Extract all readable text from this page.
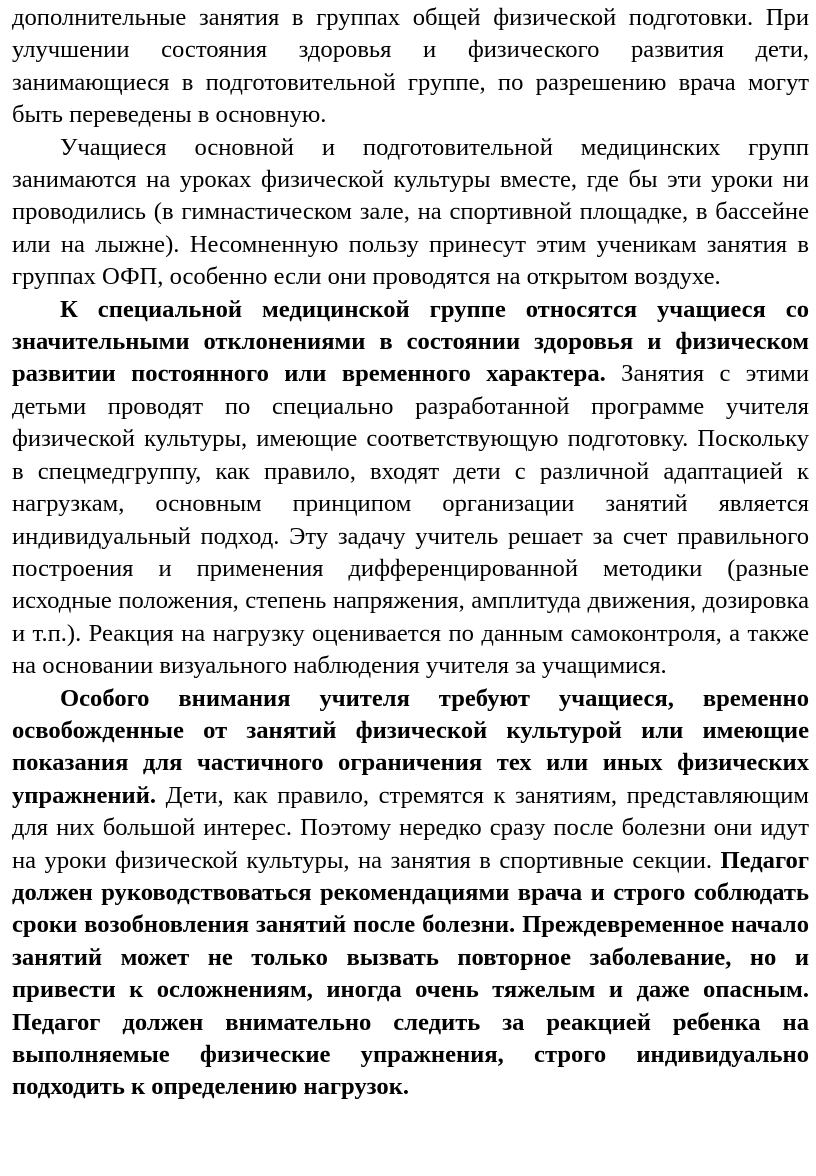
дополнительные занятия в группах общей физической подготовки. При улучшении состояния здоровья и физического развития дети, занимающиеся в подготовительной группе, по разрешению врача могут быть переведены в основную.

Учащиеся основной и подготовительной медицинских групп занимаются на уроках физической культуры вместе, где бы эти уроки ни проводились (в гимнастическом зале, на спортивной площадке, в бассейне или на лыжне). Несомненную пользу принесут этим ученикам занятия в группах ОФП, особенно если они проводятся на открытом воздухе.

К специальной медицинской группе относятся учащиеся со значительными отклонениями в состоянии здоровья и физическом развитии постоянного или временного характера. Занятия с этими детьми проводят по специально разработанной программе учителя физической культуры, имеющие соответствующую подготовку. Поскольку в спецмедгруппу, как правило, входят дети с различной адаптацией к нагрузкам, основным принципом организации занятий является индивидуальный подход. Эту задачу учитель решает за счет правильного построения и применения дифференцированной методики (разные исходные положения, степень напряжения, амплитуда движения, дозировка и т.п.). Реакция на нагрузку оценивается по данным самоконтроля, а также на основании визуального наблюдения учителя за учащимися.

Особого внимания учителя требуют учащиеся, временно освобожденные от занятий физической культурой или имеющие показания для частичного ограничения тех или иных физических упражнений. Дети, как правило, стремятся к занятиям, представляющим для них большой интерес. Поэтому нередко сразу после болезни они идут на уроки физической культуры, на занятия в спортивные секции. Педагог должен руководствоваться рекомендациями врача и строго соблюдать сроки возобновления занятий после болезни. Преждевременное начало занятий может не только вызвать повторное заболевание, но и привести к осложнениям, иногда очень тяжелым и даже опасным. Педагог должен внимательно следить за реакцией ребенка на выполняемые физические упражнения, строго индивидуально подходить к определению нагрузок.
